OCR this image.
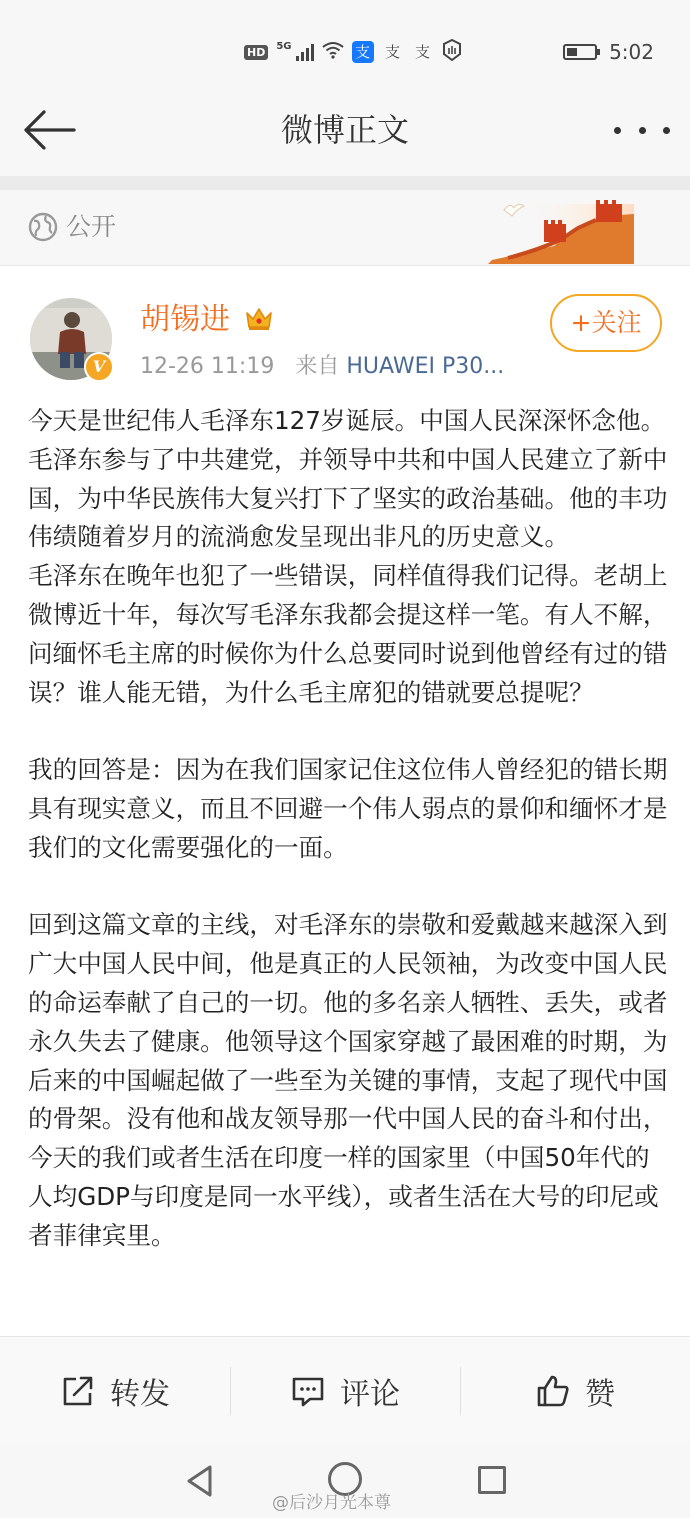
HD	5G	支 支 支	5:02
微博正文
公开
V
胡锡进
12-26 11:19 来自 HUAWEI P30...
+关注

今天是世纪伟人毛泽东127岁诞辰。中国人民深深怀念他。毛泽东参与了中共建党，并领导中共和中国人民建立了新中国，为中华民族伟大复兴打下了坚实的政治基础。他的丰功伟绩随着岁月的流淌愈发呈现出非凡的历史意义。

毛泽东在晚年也犯了一些错误，同样值得我们记得。老胡上微博近十年，每次写毛泽东我都会提这样一笔。有人不解，问缅怀毛主席的时候你为什么总要同时说到他曾经有过的错误？谁人能无错，为什么毛主席犯的错就要总提呢？

我的回答是：因为在我们国家记住这位伟人曾经犯的错长期具有现实意义，而且不回避一个伟人弱点的景仰和缅怀才是我们的文化需要强化的一面。

回到这篇文章的主线，对毛泽东的崇敬和爱戴越来越深入到广大中国人民中间，他是真正的人民领袖，为改变中国人民的命运奉献了自己的一切。他的多名亲人牺牲、丢失，或者永久失去了健康。他领导这个国家穿越了最困难的时期，为后来的中国崛起做了一些至为关键的事情，支起了现代中国的骨架。没有他和战友领导那一代中国人民的奋斗和付出，今天的我们或者生活在印度一样的国家里（中国50年代的人均GDP与印度是同一水平线），或者生活在大号的印尼或者菲律宾里。

转发	评论	赞
@后沙月光本尊
